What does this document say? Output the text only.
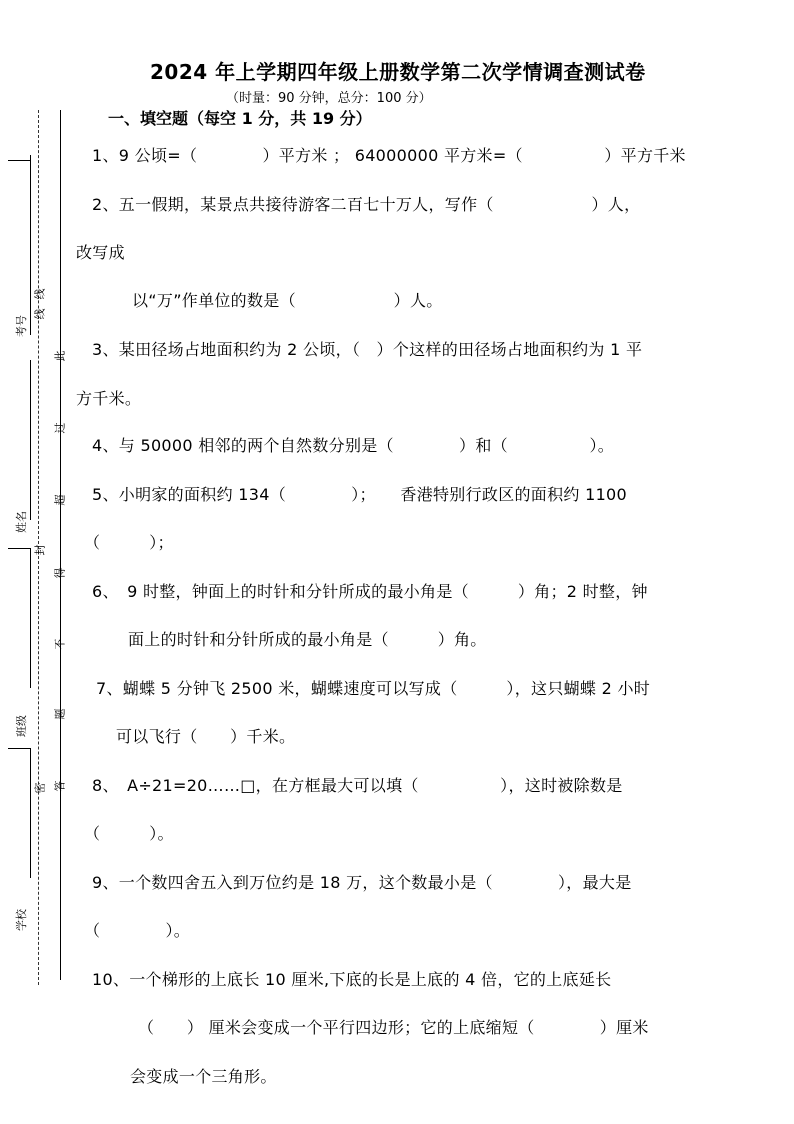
2024 年上学期四年级上册数学第二次学情调查测试卷
（时量：90 分钟，总分：100 分）
一、填空题（每空 1 分，共 19 分）
考号
姓名
班级
学校
线
线
此
过
超
封
得
不
题
答
密
1、9 公顷=（　　　　）平方米 ； 64000000 平方米=（　　　　　）平方千米
2、五一假期，某景点共接待游客二百七十万人，写作（　　　　　　）人，
改写成
以“万”作单位的数是（　　　　　　）人。
3、某田径场占地面积约为 2 公顷，（　）个这样的田径场占地面积约为 1 平
方千米。
4、与 50000 相邻的两个自然数分别是（　　　　）和（　　　　　）。
5、小明家的面积约 134（　　　　）；　　香港特别行政区的面积约 1100
（　　　）；
6、　9 时整，钟面上的时针和分针所成的最小角是（　　　）角；2 时整，钟
面上的时针和分针所成的最小角是（　　　）角。
7、蝴蝶 5 分钟飞 2500 米，蝴蝶速度可以写成（　　　），这只蝴蝶 2 小时
可以飞行（　　）千米。
8、　A÷21=20……□，在方框最大可以填（　　　　　），这时被除数是
（　　　）。
9、一个数四舍五入到万位约是 18 万，这个数最小是（　　　　），最大是
（　　　　）。
10、一个梯形的上底长 10 厘米,下底的长是上底的 4 倍，它的上底延长
（　　） 厘米会变成一个平行四边形；它的上底缩短（　　　　）厘米
会变成一个三角形。
